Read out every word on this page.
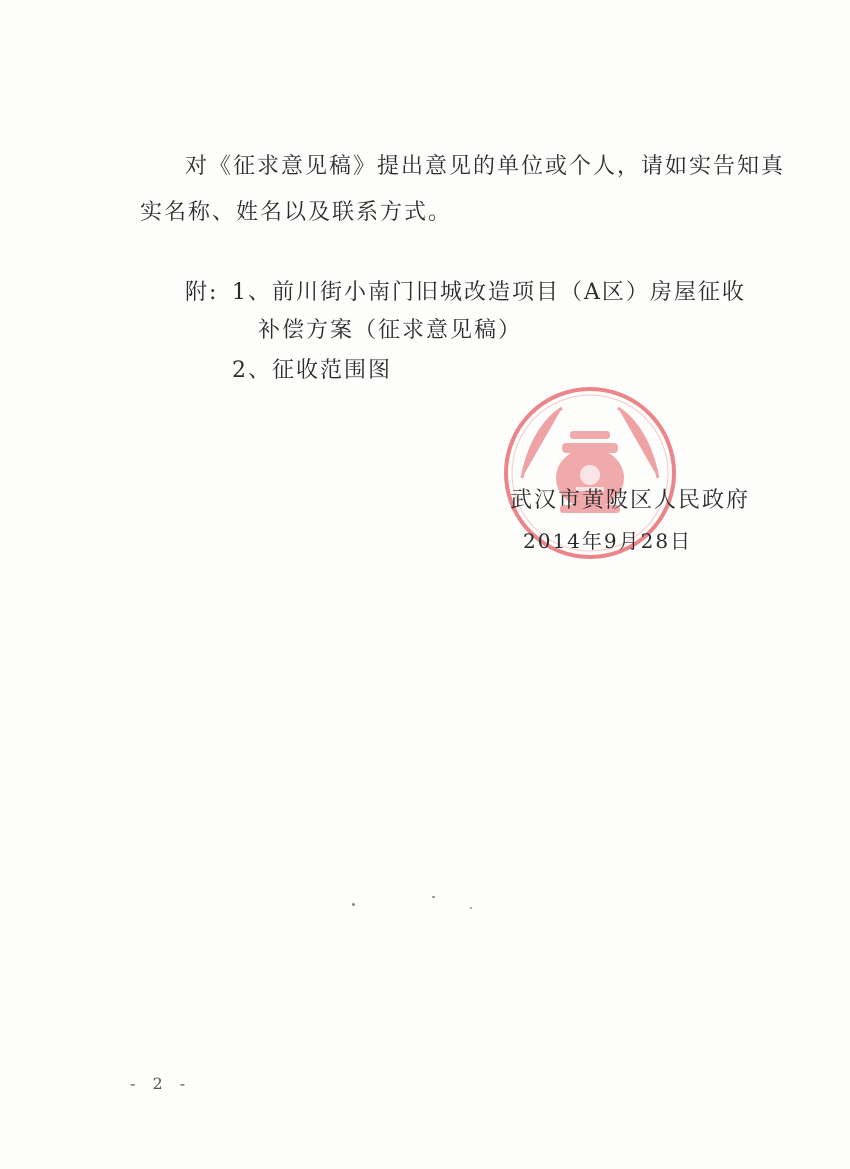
对《征求意见稿》提出意见的单位或个人，请如实告知真
实名称、姓名以及联系方式。
附: 1、前川街小南门旧城改造项目（A区）房屋征收
补偿方案（征求意见稿）
2、征收范围图
武汉市黄陂区人民政府
2014年9月28日
- 2 -
